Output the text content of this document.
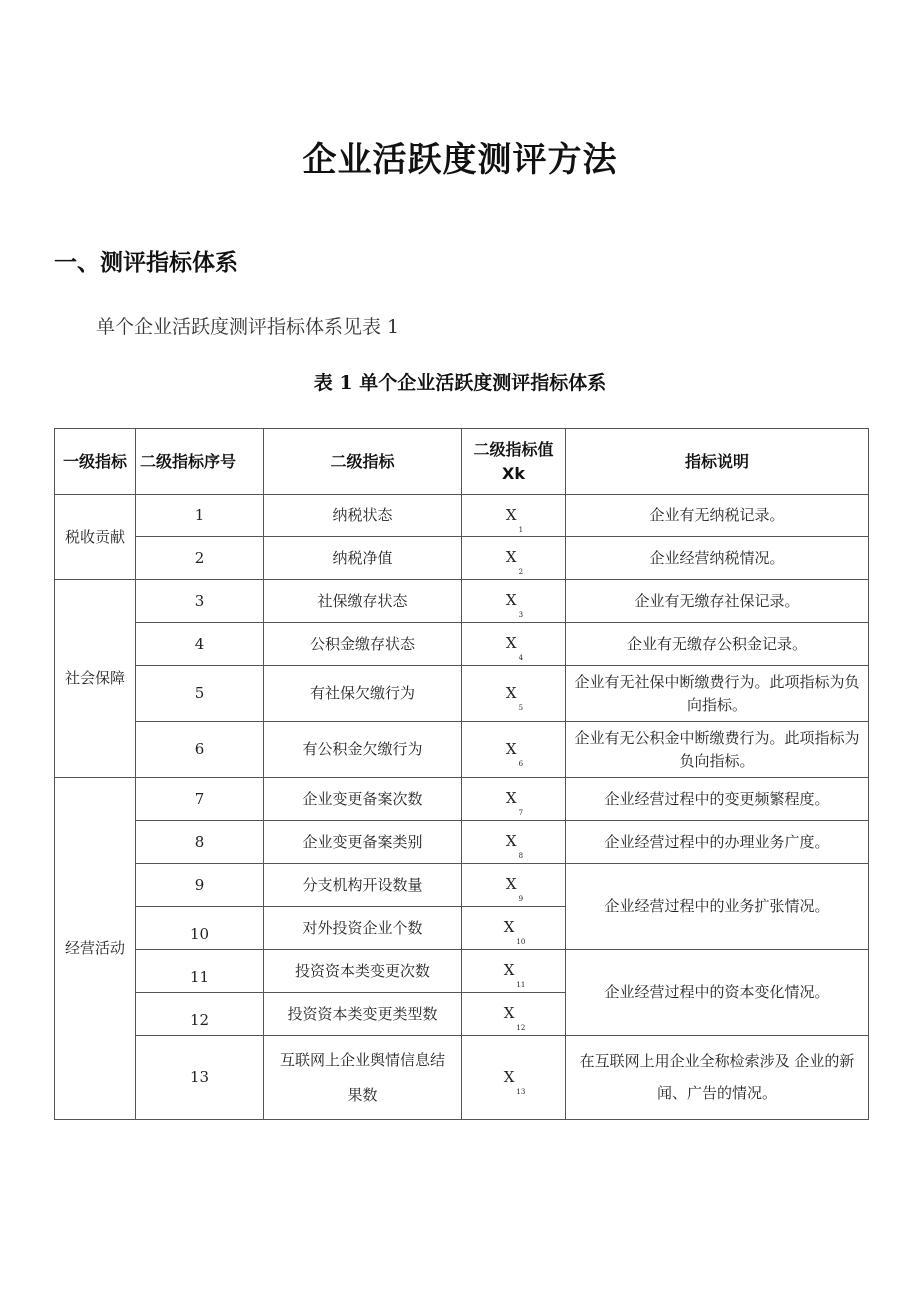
企业活跃度测评方法
一、测评指标体系
单个企业活跃度测评指标体系见表 1
表 1 单个企业活跃度测评指标体系
一级指标	二级指标序号	二级指标	二级指标值 Xk	指标说明
税收贡献	1	纳税状态	$X_1$	企业有无纳税记录。
	2	纳税净值	$X_2$	企业经营纳税情况。
社会保障	3	社保缴存状态	$X_3$	企业有无缴存社保记录。
	4	公积金缴存状态	$X_4$	企业有无缴存公积金记录。
	5	有社保欠缴行为	$X_5$	企业有无社保中断缴费行为。此项指标为负向指标。
	6	有公积金欠缴行为	$X_6$	企业有无公积金中断缴费行为。此项指标为负向指标。
经营活动	7	企业变更备案次数	$X_7$	企业经营过程中的变更频繁程度。
	8	企业变更备案类别	$X_8$	企业经营过程中的办理业务广度。
	9	分支机构开设数量	$X_9$	企业经营过程中的业务扩张情况。
	10	对外投资企业个数	$X_{10}$
	11	投资资本类变更次数	$X_{11}$	企业经营过程中的资本变化情况。
	12	投资资本类变更类型数	$X_{12}$
	13	互联网上企业舆情信息结果数	$X_{13}$	在互联网上用企业全称检索涉及 企业的新闻、广告的情况。
